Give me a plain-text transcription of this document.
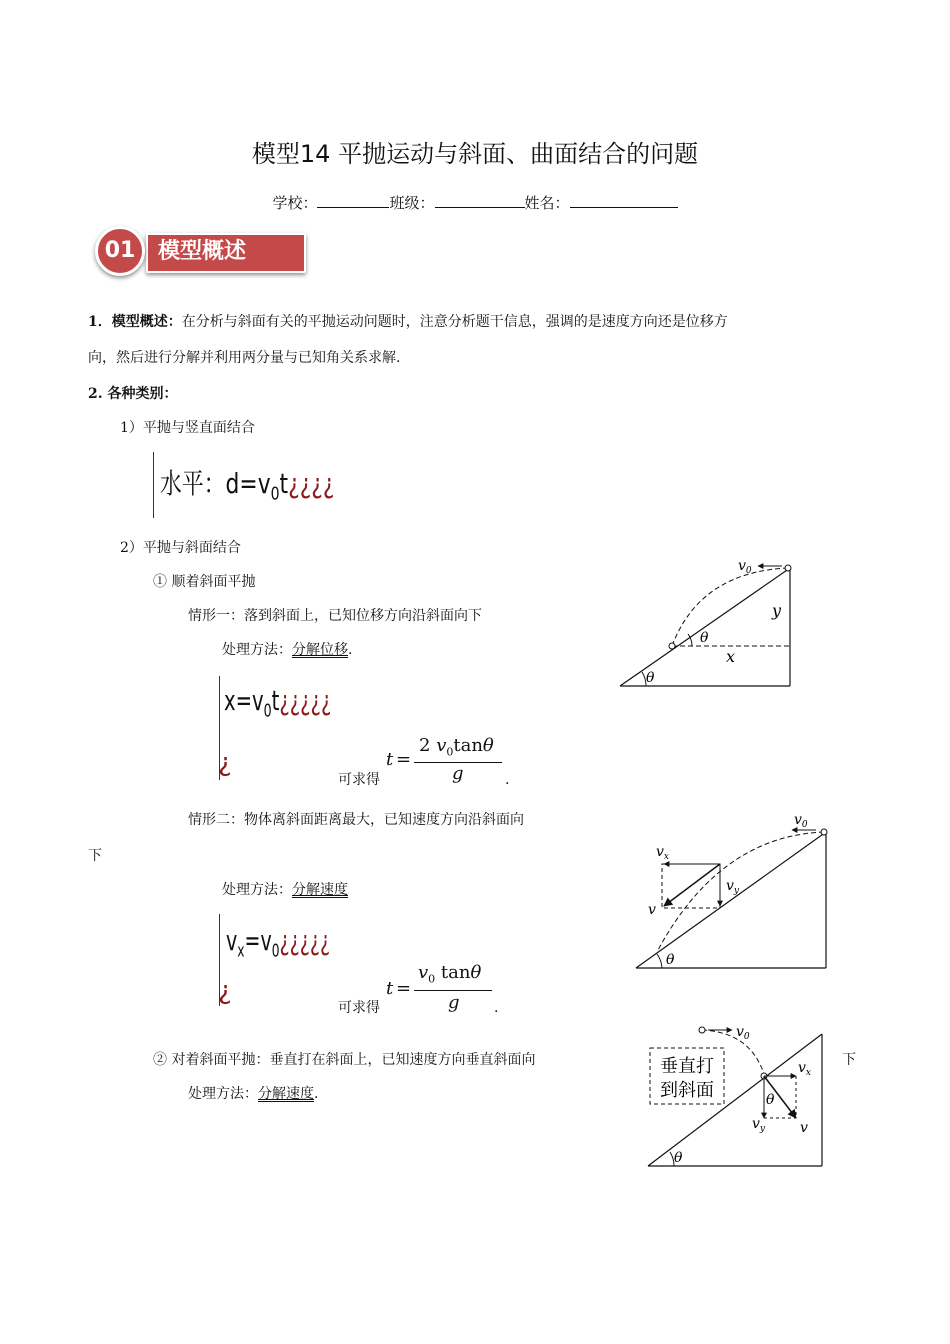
模型14 平抛运动与斜面、曲面结合的问题
学校：	班级：	姓名：
01	模型概述
1．模型概述：在分析与斜面有关的平抛运动问题时，注意分析题干信息，强调的是速度方向还是位移方
向，然后进行分解并利用两分量与已知角关系求解.
2. 各种类别：
1）平抛与竖直面结合
水平：$d=v_0t¿¿¿¿$
2）平抛与斜面结合
① 顺着斜面平抛
情形一：落到斜面上，已知位移方向沿斜面向下
处理方法：分解位移.
$x=v_0t¿¿¿¿¿$
¿
可求得
t =
2 $v_0\tan\theta$
g	.
情形二：物体离斜面距离最大，已知速度方向沿斜面向
下
处理方法：分解速度
$v_x=v_0¿¿¿¿¿$
¿
可求得
t =
$v_0$ tanθ
g .
② 对着斜面平抛：垂直打在斜面上，已知速度方向垂直斜面向	下
处理方法：分解速度.
$v_0$
y
x
θ
θ
$v_0$
$v_x$
$v_y$
v
θ
垂直打
到斜面
$v_0$
$v_x$
$v_y$ v
θ
θ
